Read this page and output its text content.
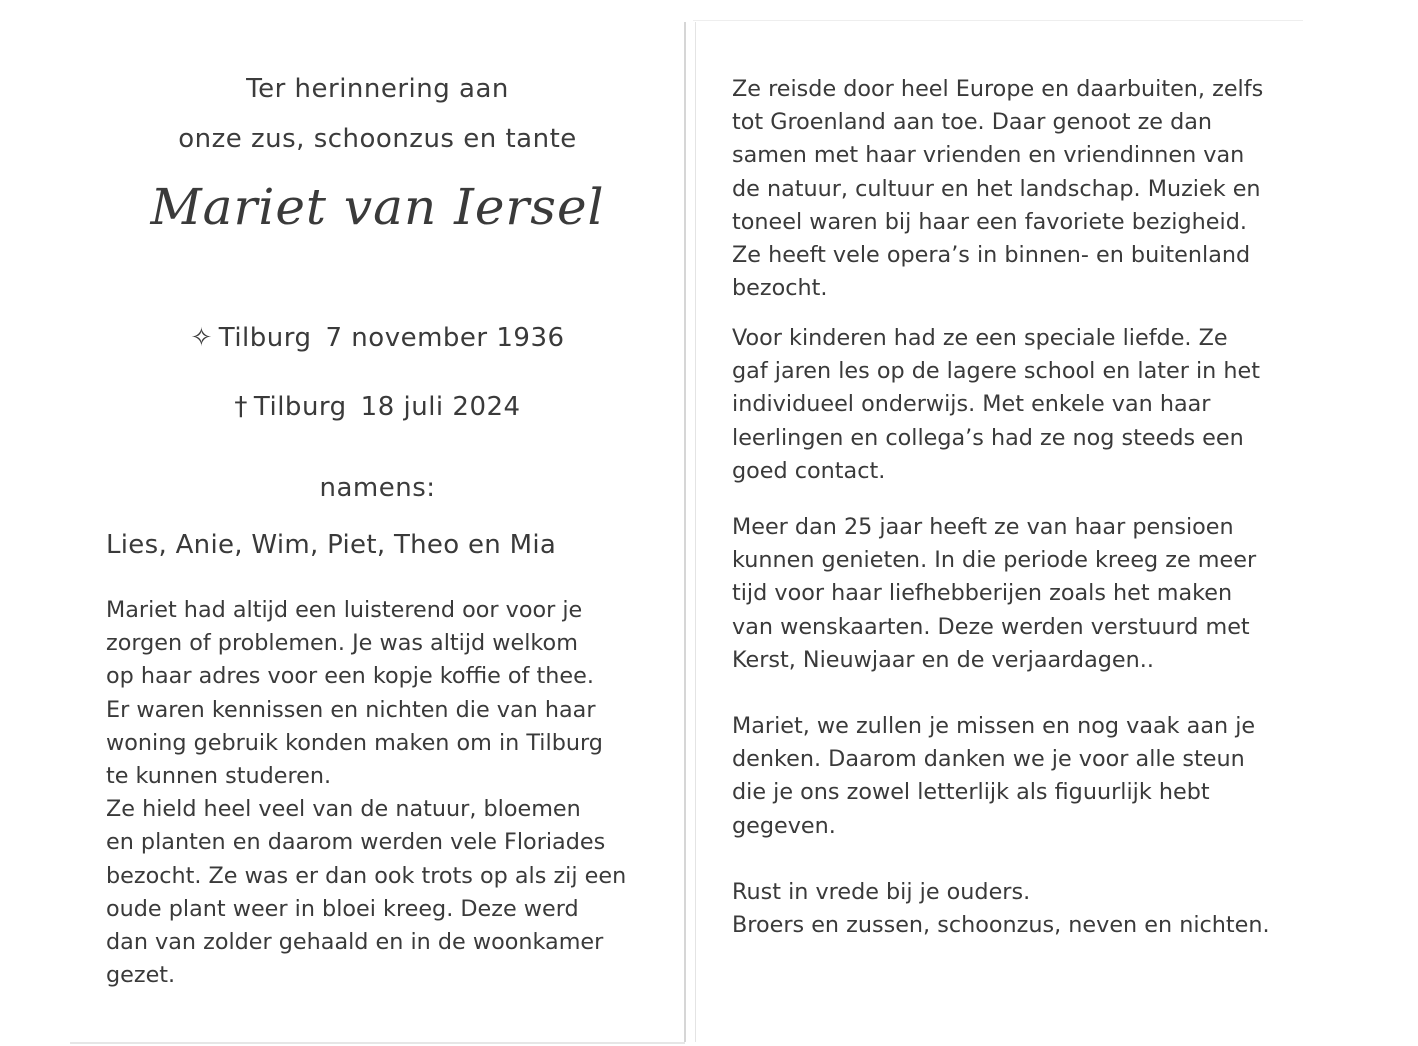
Ter herinnering aan
onze zus, schoonzus en tante
Mariet van Iersel
✧ Tilburg 7 november 1936
† Tilburg 18 juli 2024
namens:
Lies, Anie, Wim, Piet, Theo en Mia

Mariet had altijd een luisterend oor voor je
zorgen of problemen. Je was altijd welkom
op haar adres voor een kopje koffie of thee.
Er waren kennissen en nichten die van haar
woning gebruik konden maken om in Tilburg
te kunnen studeren.
Ze hield heel veel van de natuur, bloemen
en planten en daarom werden vele Floriades
bezocht. Ze was er dan ook trots op als zij een
oude plant weer in bloei kreeg. Deze werd
dan van zolder gehaald en in de woonkamer
gezet.

Ze reisde door heel Europe en daarbuiten, zelfs
tot Groenland aan toe. Daar genoot ze dan
samen met haar vrienden en vriendinnen van
de natuur, cultuur en het landschap. Muziek en
toneel waren bij haar een favoriete bezigheid.
Ze heeft vele opera’s in binnen- en buitenland
bezocht.

Voor kinderen had ze een speciale liefde. Ze
gaf jaren les op de lagere school en later in het
individueel onderwijs. Met enkele van haar
leerlingen en collega’s had ze nog steeds een
goed contact.

Meer dan 25 jaar heeft ze van haar pensioen
kunnen genieten. In die periode kreeg ze meer
tijd voor haar liefhebberijen zoals het maken
van wenskaarten. Deze werden verstuurd met
Kerst, Nieuwjaar en de verjaardagen..

Mariet, we zullen je missen en nog vaak aan je
denken. Daarom danken we je voor alle steun
die je ons zowel letterlijk als figuurlijk hebt
gegeven.

Rust in vrede bij je ouders.
Broers en zussen, schoonzus, neven en nichten.
